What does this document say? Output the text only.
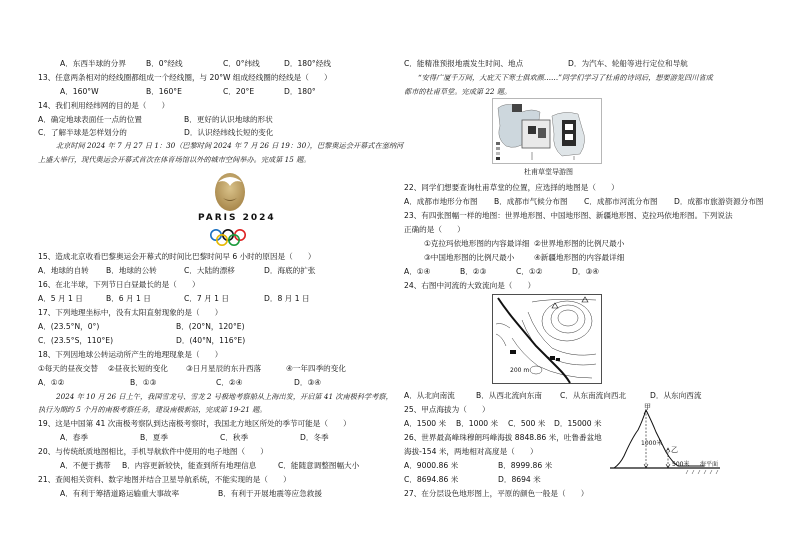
A．东西半球的分界	B．0°经线	C．0°纬线	D．180°经线
13、任意两条相对的经线圈都组成一个经线圈，与 20°W 组成经线圈的经线是（　　）
A．160°W	B．160°E	C．20°E	D．180°
14、我们利用经纬网的目的是（　　）
A．确定地球表面任一点的位置	B．更好的认识地球的形状
C．了解半球是怎样划分的	D．认识经纬线长短的变化
北京时间 2024 年 7 月 27 日 1：30（巴黎时间 2024 年 7 月 26 日 19：30），巴黎奥运会开幕式在塞纳河
上盛大举行，现代奥运会开幕式首次在体育场馆以外的城市空间举办。完成第 15 题。
PARIS 2024
15、造成北京收看巴黎奥运会开幕式的时间比巴黎时间早 6 小时的原因是（　　）
A．地球的自转 B．地球的公转	C．大陆的漂移	D．海底的扩张
16、在北半球，下列节日白昼最长的是（　　）
A．5 月 1 日	B．6 月 1 日	C．7 月 1 日	D．8 月 1 日
17、下列地理坐标中，没有太阳直射现象的是（　　）
A．(23.5°N，0°)	B．(20°N，120°E)
C．(23.5°S，110°E)	D．(40°N，116°E)
18、下列因地球公转运动所产生的地理现象是（　　）
①每天的昼夜交替 ②昼夜长短的变化 ③日月星辰的东升西落	④一年四季的变化
A．①②	B．①③	C．②④	D．③④
2024 年 10 月 26 日上午，我国雪龙号、雪龙 2 号极地考察船从上海出发，开启第 41 次南极科学考察，
执行为期约 5 个月的南极考察任务，建设南极新站，完成第 19-21 题。
19、这是中国第 41 次南极考察队到达南极考察时，我国北方地区所处的季节可能是（　　）
A．春季	B．夏季	C．秋季	D．冬季
20、与传统纸质地图相比，手机导航软件中使用的电子地图（　　）
A．不便于携带 B．内容更新较快，能查到所有地理信息	C．能随意调整图幅大小
21、查阅相关资料、数字地图并结合卫星导航系统，不能实现的是（　　）
A．有利于筹措道路运输重大事故率	B．有利于开展地震等应急救援
C．能精准预报地震发生时间、地点	D．为汽车、轮船等进行定位和导航
“安得广厦千万间，大庇天下寒士俱欢颜……”同学们学习了杜甫的诗词后，想要游览四川省成
都市的杜甫草堂。完成第 22 题。
杜甫草堂导游图
22、同学们想要查询杜甫草堂的位置，应选择的地图是（　　）
A．成都市地形分布图 B．成都市气候分布图 C．成都市河流分布图 D．成都市旅游资源分布图
23、有四张图幅一样的地图：世界地形图、中国地形图、新疆地形图、克拉玛依地形图。下列说法
正确的是（　　）
①克拉玛依地形图的内容最详细 ②世界地形图的比例尺最小
③中国地形图的比例尺最小	④新疆地形图的内容最详细
A．①④	B．②③	C．①②	D．③④
24、右图中河流的大致流向是（　　）
200 m
A．从北向南流	B．从西北流向东南 C．从东南流向西北	D．从东向西流
25、甲点海拔为（　　）
A．1500 米 B．1000 米 C．500 米 D．15000 米
26、世界最高峰珠穆朗玛峰海拔 8848.86 米，吐鲁番盆地
海拔-154 米，两地相对高度是（　　）
A．9000.86 米	B．8999.86 米
C．8694.86 米	D．8694 米
27、在分层设色地形图上，平原的颜色一般是（　　）
甲
1000米
乙
500米 海平面
